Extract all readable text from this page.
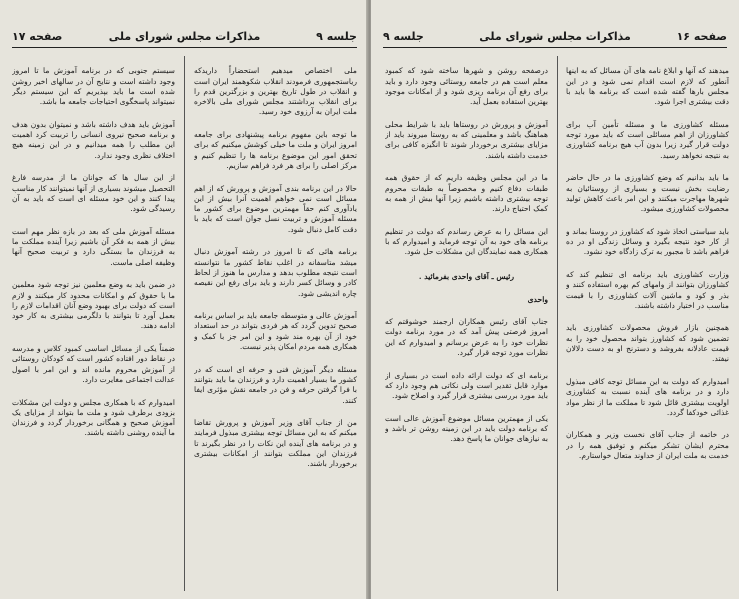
جلسه ۹
مذاکرات مجلس شورای ملی
صفحه ۱۷

ملی اختصاص میدهیم استحضاراً داریدکه ریاستجمهوری فرمودند انقلاب شکوهمند ایران است و انقلاب در طول تاریخ بهترین و بزرگترین قدم را برای انقلاب برداشتند مجلس شورای ملی بالاخره ملت ایران به آرزوی خود رسید.

ما توجه باین مفهوم برنامه پیشنهادی برای جامعه امروز ایران و ملت ما خیلی کوشش میکنیم که برای تحقق امور این موضوع برنامه ها را تنظیم کنیم و مرکز اصلی را برای هر فرد فراهم سازیم.

حالا در این برنامه بندی آموزش و پرورش که از اهم مسائل است نمی خواهم اهمیت آنرا بیش از این یادآوری کنم حقاً مهمترین موضوع برای کشور ما مسئله آموزش و تربیت نسل جوان است که باید با دقت کامل دنبال شود.

برنامه هائی که تا امروز در رشته آموزش دنبال میشد متاسفانه در اغلب نقاط کشور ما نتوانسته است نتیجه مطلوب بدهد و مدارس ما هنوز از لحاظ کادر و وسائل کسر دارند و باید برای رفع این نقیصه چاره اندیشی شود.

آموزش عالی و متوسطه جامعه باید بر اساس برنامه صحیح تدوین گردد که هر فردی بتواند در حد استعداد خود از آن بهره مند شود و این امر جز با کمک و همکاری همه مردم امکان پذیر نیست.

مسئله دیگر آموزش فنی و حرفه ای است که در کشور ما بسیار اهمیت دارد و فرزندان ما باید بتوانند با فرا گرفتن حرفه و فن در جامعه نقش مؤثری ایفا کنند.

من از جناب آقای وزیر آموزش و پرورش تقاضا میکنم که به این مسائل توجه بیشتری مبذول فرمایند و در برنامه های آینده این نکات را در نظر بگیرند تا فرزندان این مملکت بتوانند از امکانات بیشتری برخوردار باشند.

سیستم جنوبی که در برنامه آموزش ما تا امروز وجود داشته است و نتایج آن در سالهای اخیر روشن شده است ما باید بپذیریم که این سیستم دیگر نمیتواند پاسخگوی احتیاجات جامعه ما باشد.

آموزش باید هدف داشته باشد و نمیتوان بدون هدف و برنامه صحیح نیروی انسانی را تربیت کرد اهمیت این مطلب را همه میدانیم و در این زمینه هیچ اختلاف نظری وجود ندارد.

از این سال ها که جوانان ما از مدرسه فارغ التحصیل میشوند بسیاری از آنها نمیتوانند کار مناسب پیدا کنند و این خود مسئله ای است که باید به آن رسیدگی شود.

مسئله آموزش ملی که بعد در بازه نظر مهم است بیش از همه به فکر آن باشیم زیرا آینده مملکت ما به فرزندان ما بستگی دارد و تربیت صحیح آنها وظیفه اصلی ماست.

در ضمن باید به وضع معلمین نیز توجه شود معلمین ما با حقوق کم و امکانات محدود کار میکنند و لازم است که دولت برای بهبود وضع آنان اقدامات لازم را بعمل آورد تا بتوانند با دلگرمی بیشتری به کار خود ادامه دهند.

ضمناً یکی از مسائل اساسی کمبود کلاس و مدرسه در نقاط دور افتاده کشور است که کودکان روستائی از آموزش محروم مانده اند و این امر با اصول عدالت اجتماعی مغایرت دارد.

امیدوارم که با همکاری مجلس و دولت این مشکلات بزودی برطرف شود و ملت ما بتواند از مزایای یک آموزش صحیح و همگانی برخوردار گردد و فرزندان ما آینده روشنی داشته باشند.

صفحه ۱۶
مذاکرات مجلس شورای ملی
جلسه ۹

میدهند که آنها و ابلاغ نامه های آن مسائل که به اینها آنطور که لازم است اقدام نمی شود و در این مجلس بارها گفته شده است که برنامه ها باید با دقت بیشتری اجرا شود.

مسئله کشاورزی ما و مسئله تأمین آب برای کشاورزان از اهم مسائلی است که باید مورد توجه دولت قرار گیرد زیرا بدون آب هیچ برنامه کشاورزی به نتیجه نخواهد رسید.

ما باید بدانیم که وضع کشاورزی ما در حال حاضر رضایت بخش نیست و بسیاری از روستائیان به شهرها مهاجرت میکنند و این امر باعث کاهش تولید محصولات کشاورزی میشود.

باید سیاستی اتخاذ شود که کشاورز در روستا بماند و از کار خود نتیجه بگیرد و وسائل زندگی او در ده فراهم باشد تا مجبور به ترک زادگاه خود نشود.

وزارت کشاورزی باید برنامه ای تنظیم کند که کشاورزان بتوانند از وامهای کم بهره استفاده کنند و بذر و کود و ماشین آلات کشاورزی را با قیمت مناسب در اختیار داشته باشند.

همچنین بازار فروش محصولات کشاورزی باید تضمین شود که کشاورز بتواند محصول خود را به قیمت عادلانه بفروشد و دسترنج او به دست دلالان نیفتد.

امیدوارم که دولت به این مسائل توجه کافی مبذول دارد و در برنامه های آینده نسبت به کشاورزی اولویت بیشتری قائل شود تا مملکت ما از نظر مواد غذائی خودکفا گردد.

در خاتمه از جناب آقای نخست وزیر و همکاران محترم ایشان تشکر میکنم و توفیق همه را در خدمت به ملت ایران از خداوند متعال خواستارم.

درصفحه روشن و شهرها ساخته شود که کمبود معلم است هم در جامعه روستائی وجود دارد و باید برای رفع آن برنامه ریزی شود و از امکانات موجود بهترین استفاده بعمل آید.

آموزش و پرورش در روستاها باید با شرایط محلی هماهنگ باشد و معلمینی که به روستا میروند باید از مزایای بیشتری برخوردار شوند تا انگیزه کافی برای خدمت داشته باشند.

ما در این مجلس وظیفه داریم که از حقوق همه طبقات دفاع کنیم و مخصوصاً به طبقات محروم توجه بیشتری داشته باشیم زیرا آنها بیش از همه به کمک احتیاج دارند.

این مسائل را به عرض رساندم که دولت در تنظیم برنامه های خود به آن توجه فرماید و امیدوارم که با همکاری همه نمایندگان این مشکلات حل شود.

رئیس ـ آقای واحدی بفرمائید .

واحدی

جناب آقای رئیس همکاران ارجمند خوشوقتم که امروز فرصتی پیش آمد که در مورد برنامه دولت نظرات خود را به عرض برسانم و امیدوارم که این نظرات مورد توجه قرار گیرد.

برنامه ای که دولت ارائه داده است در بسیاری از موارد قابل تقدیر است ولی نکاتی هم وجود دارد که باید مورد بررسی بیشتری قرار گیرد و اصلاح شود.

یکی از مهمترین مسائل موضوع آموزش عالی است که برنامه دولت باید در این زمینه روشن تر باشد و به نیازهای جوانان ما پاسخ دهد.
